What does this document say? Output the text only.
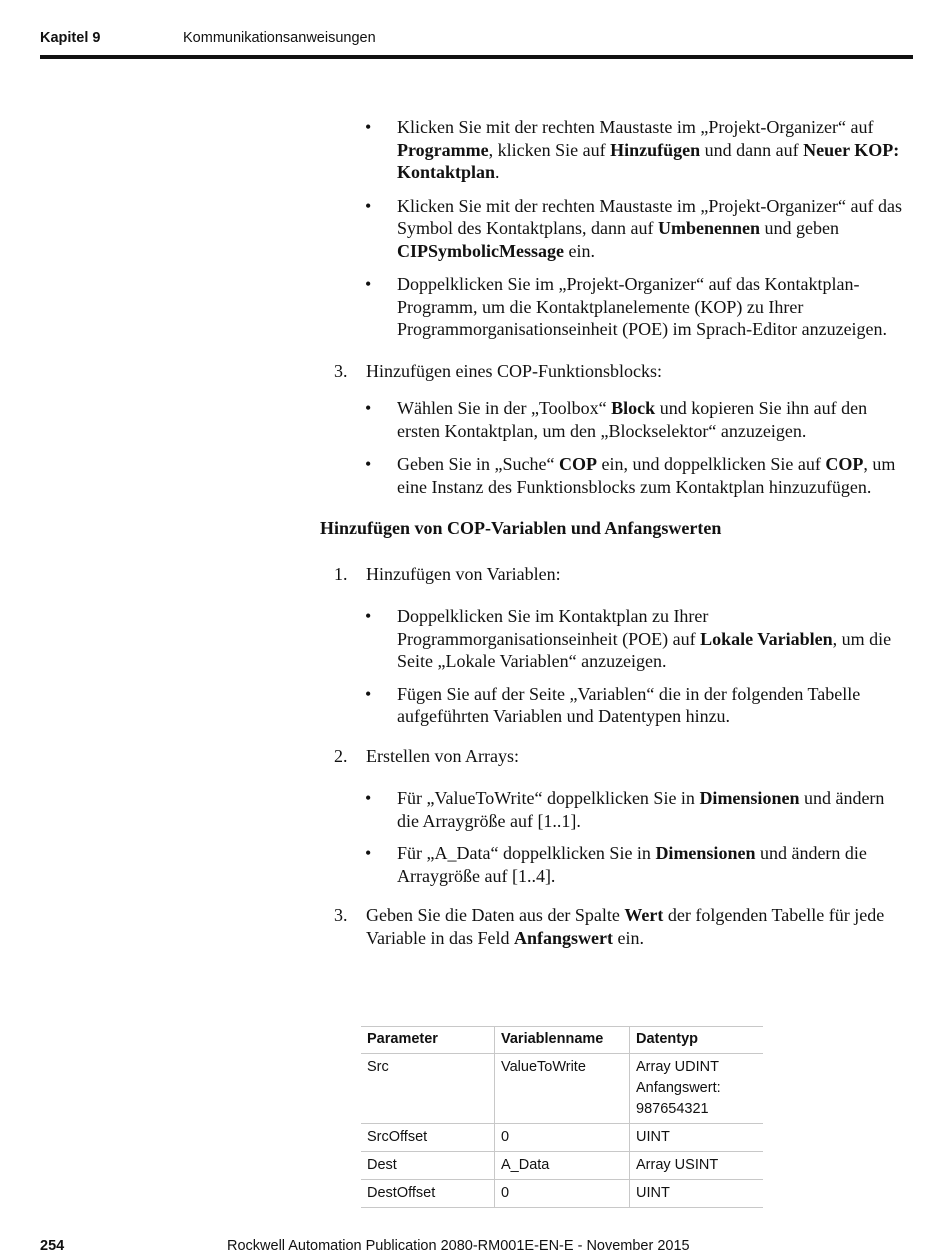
Kapitel 9	Kommunikationsanweisungen

• Klicken Sie mit der rechten Maustaste im „Projekt-Organizer“ auf Programme, klicken Sie auf Hinzufügen und dann auf Neuer KOP: Kontaktplan.

• Klicken Sie mit der rechten Maustaste im „Projekt-Organizer“ auf das Symbol des Kontaktplans, dann auf Umbenennen und geben CIPSymbolicMessage ein.

• Doppelklicken Sie im „Projekt-Organizer“ auf das Kontaktplan-Programm, um die Kontaktplanelemente (KOP) zu Ihrer Programmorganisationseinheit (POE) im Sprach-Editor anzuzeigen.

3. Hinzufügen eines COP-Funktionsblocks:

• Wählen Sie in der „Toolbox“ Block und kopieren Sie ihn auf den ersten Kontaktplan, um den „Blockselektor“ anzuzeigen.

• Geben Sie in „Suche“ COP ein, und doppelklicken Sie auf COP, um eine Instanz des Funktionsblocks zum Kontaktplan hinzuzufügen.

Hinzufügen von COP-Variablen und Anfangswerten

1. Hinzufügen von Variablen:

• Doppelklicken Sie im Kontaktplan zu Ihrer Programmorganisationseinheit (POE) auf Lokale Variablen, um die Seite „Lokale Variablen“ anzuzeigen.

• Fügen Sie auf der Seite „Variablen“ die in der folgenden Tabelle aufgeführten Variablen und Datentypen hinzu.

2. Erstellen von Arrays:

• Für „ValueToWrite“ doppelklicken Sie in Dimensionen und ändern die Arraygröße auf [1..1].

• Für „A_Data“ doppelklicken Sie in Dimensionen und ändern die Arraygröße auf [1..4].

3. Geben Sie die Daten aus der Spalte Wert der folgenden Tabelle für jede Variable in das Feld Anfangswert ein.

Parameter	Variablenname	Datentyp
Src	ValueToWrite	Array UDINT Anfangswert: 987654321
SrcOffset	0	UINT
Dest	A_Data	Array USINT
DestOffset	0	UINT
254	Rockwell Automation Publication 2080-RM001E-EN-E - November 2015
